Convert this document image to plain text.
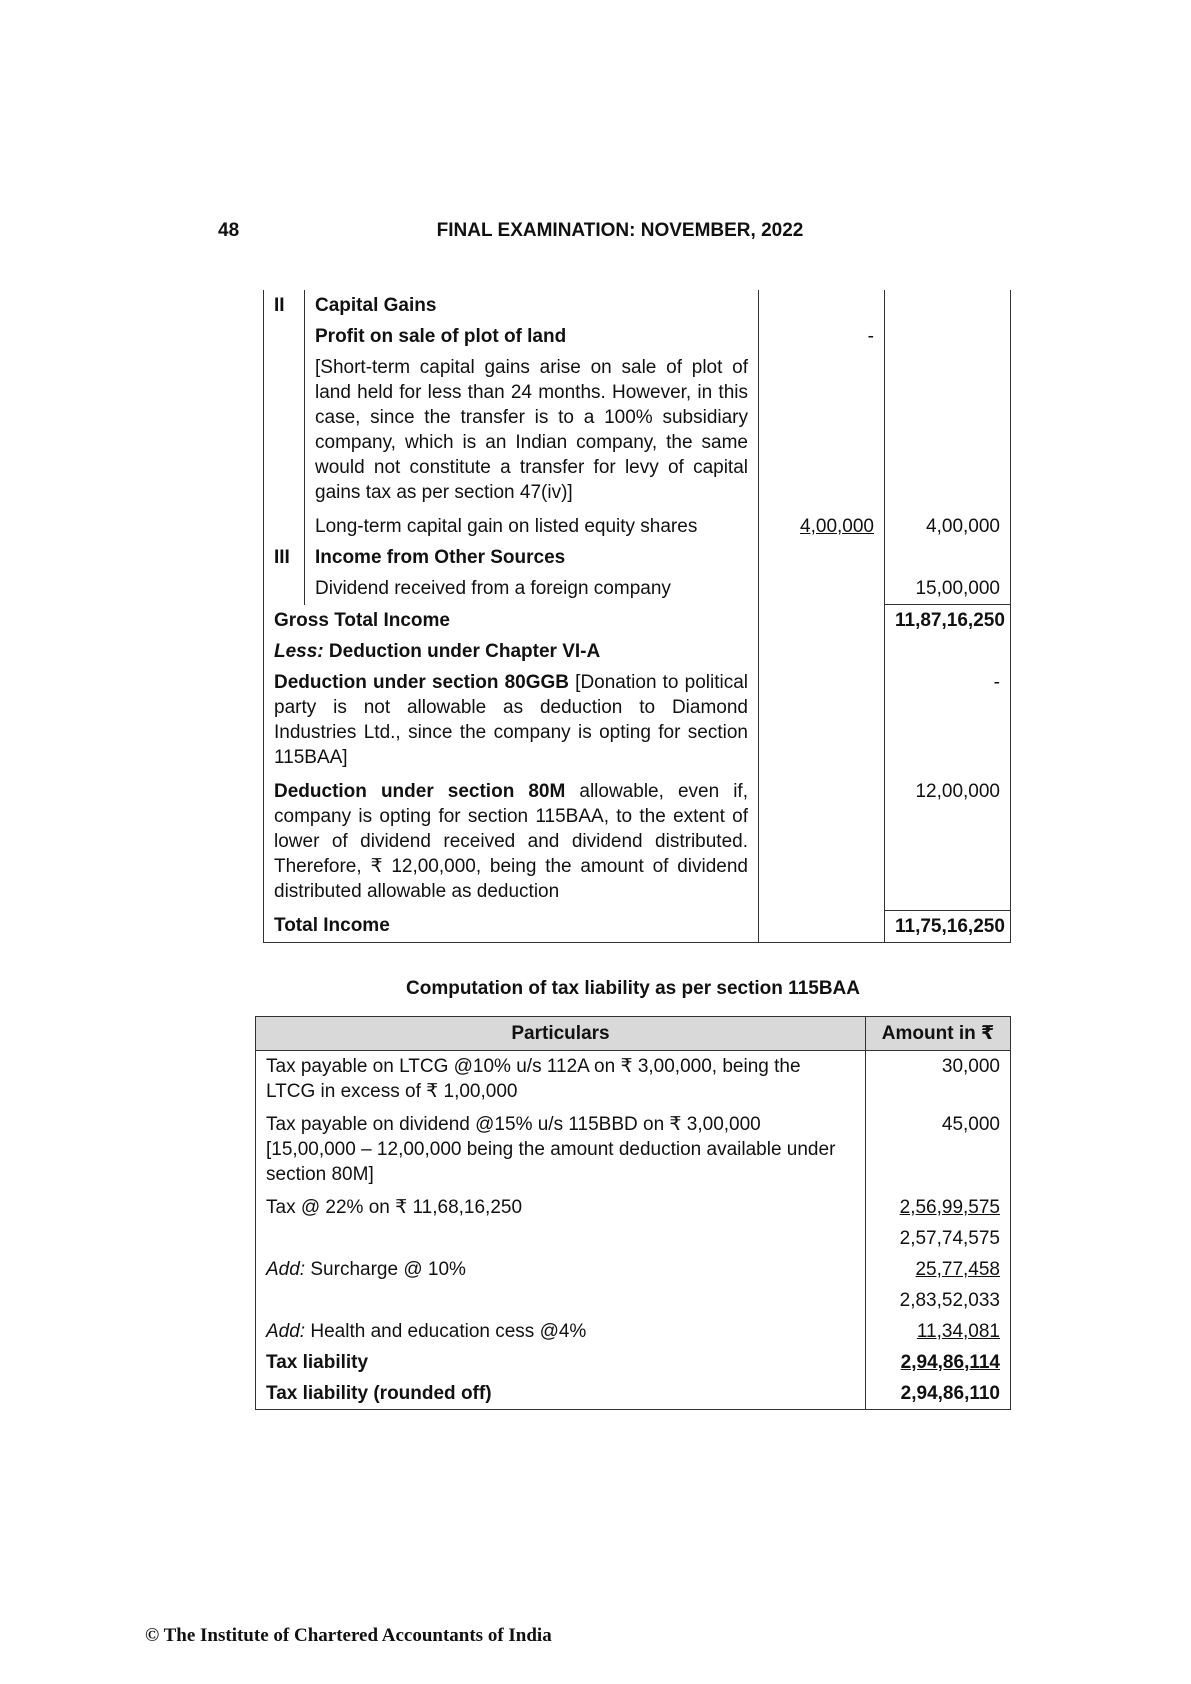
48	FINAL EXAMINATION: NOVEMBER, 2022
II	Capital Gains		
	Profit on sale of plot of land	-	
	[Short-term capital gains arise on sale of plot of land held for less than 24 months. However, in this case, since the transfer is to a 100% subsidiary company, which is an Indian company, the same would not constitute a transfer for levy of capital gains tax as per section 47(iv)]		
	Long-term capital gain on listed equity shares	4,00,000	4,00,000
III	Income from Other Sources		
	Dividend received from a foreign company		15,00,000
Gross Total Income			11,87,16,250
Less: Deduction under Chapter VI-A			
Deduction under section 80GGB [Donation to political party is not allowable as deduction to Diamond Industries Ltd., since the company is opting for section 115BAA]			-
Deduction under section 80M allowable, even if, company is opting for section 115BAA, to the extent of lower of dividend received and dividend distributed. Therefore, ₹ 12,00,000, being the amount of dividend distributed allowable as deduction			12,00,000
Total Income			11,75,16,250
Computation of tax liability as per section 115BAA
Particulars	Amount in ₹
Tax payable on LTCG @10% u/s 112A on ₹ 3,00,000, being the LTCG in excess of ₹ 1,00,000	30,000
Tax payable on dividend @15% u/s 115BBD on ₹ 3,00,000 [15,00,000 – 12,00,000 being the amount deduction available under section 80M]	45,000
Tax @ 22% on ₹ 11,68,16,250	2,56,99,575
	2,57,74,575
Add: Surcharge @ 10%	25,77,458
	2,83,52,033
Add: Health and education cess @4%	11,34,081
Tax liability	2,94,86,114
Tax liability (rounded off)	2,94,86,110
© The Institute of Chartered Accountants of India
